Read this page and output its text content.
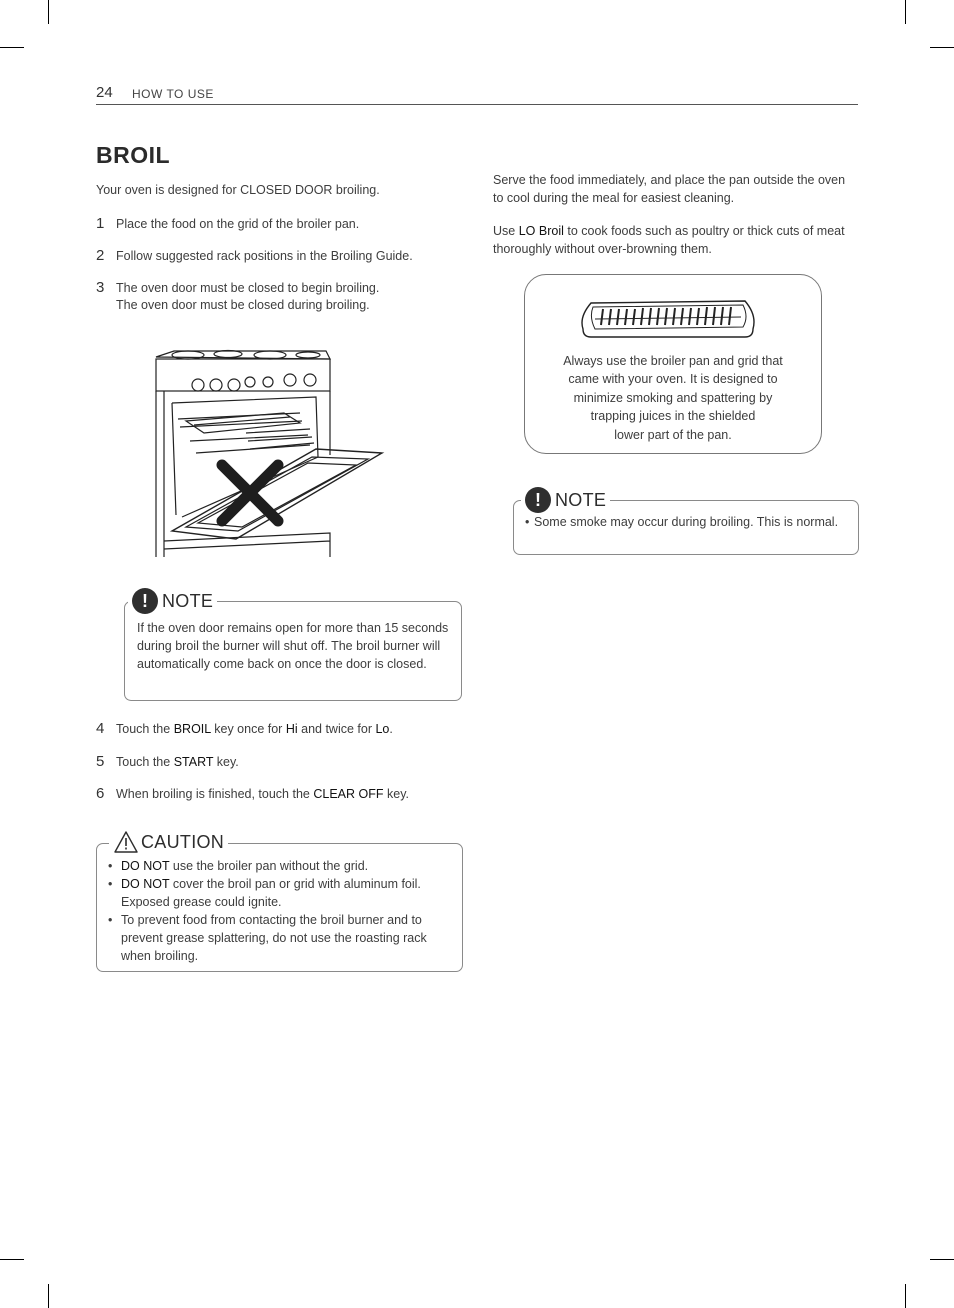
24 HOW TO USE
BROIL
Your oven is designed for CLOSED DOOR broiling.
1 Place the food on the grid of the broiler pan.
2 Follow suggested rack positions in the Broiling Guide.
3 The oven door must be closed to begin broiling.
The oven door must be closed during broiling.
! NOTE
If the oven door remains open for more than 15 seconds during broil the burner will shut off. The broil burner will automatically come back on once the door is closed.
4 Touch the BROIL key once for Hi and twice for Lo.
5 Touch the START key.
6 When broiling is finished, touch the CLEAR OFF key.
CAUTION
• DO NOT use the broiler pan without the grid.
• DO NOT cover the broil pan or grid with aluminum foil. Exposed grease could ignite.
• To prevent food from contacting the broil burner and to prevent grease splattering, do not use the roasting rack when broiling.
Serve the food immediately, and place the pan outside the oven to cool during the meal for easiest cleaning.
Use LO Broil to cook foods such as poultry or thick cuts of meat thoroughly without over-browning them.
Always use the broiler pan and grid that
came with your oven. It is designed to
minimize smoking and spattering by
trapping juices in the shielded
lower part of the pan.
! NOTE
• Some smoke may occur during broiling. This is normal.
